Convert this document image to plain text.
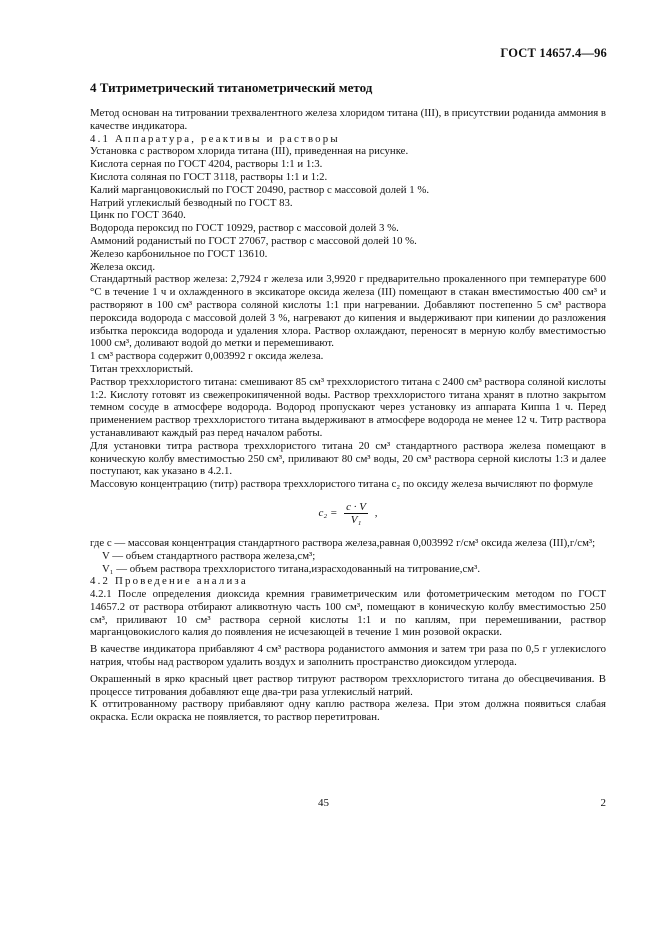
ГОСТ 14657.4—96
4 Титриметрический титанометрический метод

Метод основан на титровании трехвалентного железа хлоридом титана (III), в присутствии роданида аммония в качестве индикатора.

4.1 Аппаратура, реактивы и растворы

Установка с раствором хлорида титана (III), приведенная на рисунке.

Кислота серная по ГОСТ 4204, растворы 1:1 и 1:3.

Кислота соляная по ГОСТ 3118, растворы 1:1 и 1:2.

Калий марганцовокислый по ГОСТ 20490, раствор с массовой долей 1 %.

Натрий углекислый безводный по ГОСТ 83.

Цинк по ГОСТ 3640.

Водорода пероксид по ГОСТ 10929, раствор с массовой долей 3 %.

Аммоний роданистый по ГОСТ 27067, раствор с массовой долей 10 %.

Железо карбонильное по ГОСТ 13610.

Железа оксид.

Стандартный раствор железа: 2,7924 г железа или 3,9920 г предварительно прокаленного при температуре 600 °С в течение 1 ч и охлажденного в эксикаторе оксида железа (III) помещают в стакан вместимостью 400 см³ и растворяют в 100 см³ раствора соляной кислоты 1:1 при нагревании. Добавляют постепенно 5 см³ раствора пероксида водорода с массовой долей 3 %, нагревают до кипения и выдерживают при кипении до разложения избытка пероксида водорода и удаления хлора. Раствор охлаждают, переносят в мерную колбу вместимостью 1000 см³, доливают водой до метки и перемешивают.

1 см³ раствора содержит 0,003992 г оксида железа.

Титан треххлористый.

Раствор треххлористого титана: смешивают 85 см³ треххлористого титана с 2400 см³ раствора соляной кислоты 1:2. Кислоту готовят из свежепрокипяченной воды. Раствор треххлористого титана хранят в плотно закрытом темном сосуде в атмосфере водорода. Водород пропускают через установку из аппарата Киппа 1 ч. Перед применением раствор треххлористого титана выдерживают в атмосфере водорода не менее 12 ч. Титр раствора устанавливают каждый раз перед началом работы.

Для установки титра раствора треххлористого титана 20 см³ стандартного раствора железа помещают в коническую колбу вместимостью 250 см³, приливают 80 см³ воды, 20 см³ раствора серной кислоты 1:3 и далее поступают, как указано в 4.2.1.

Массовую концентрацию (титр) раствора треххлористого титана c₂ по оксиду железа вычисляют по формуле

$c_2 = \frac{c \cdot V}{\text{V₁}}$ ,

где c — массовая концентрация стандартного раствора железа,равная 0,003992 г/см³ оксида железа (III),г/см³;

V — объем стандартного раствора железа,см³;

V₁ — объем раствора треххлористого титана,израсходованный на титрование,см³.

4.2 Проведение анализа

4.2.1 После определения диоксида кремния гравиметрическим или фотометрическим методом по ГОСТ 14657.2 от раствора отбирают аликвотную часть 100 см³, помещают в коническую колбу вместимостью 250 см³, приливают 10 см³ раствора серной кислоты 1:1 и по каплям, при перемешивании, раствор марганцовокислого калия до появления не исчезающей в течение 1 мин розовой окраски.

В качестве индикатора прибавляют 4 см³ раствора роданистого аммония и затем три раза по 0,5 г углекислого натрия, чтобы над раствором удалить воздух и заполнить пространство диоксидом углерода.

Окрашенный в ярко красный цвет раствор титруют раствором треххлористого титана до обесцвечивания. В процессе титрования добавляют еще два-три раза углекислый натрий.

К оттитрованному раствору прибавляют одну каплю раствора железа. При этом должна появиться слабая окраска. Если окраска не появляется, то раствор перетитрован.

45	2
